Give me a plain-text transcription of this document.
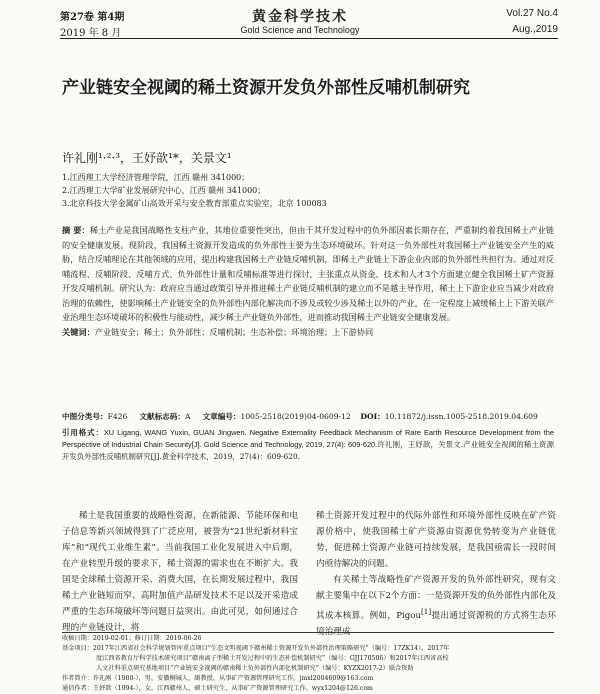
第27卷 第4期
2019 年 8 月
黄金科学技术
Gold Science and Technology
Vol.27 No.4
Aug.,2019
产业链安全视阈的稀土资源开发负外部性反哺机制研究
许礼刚¹·²·³，王妤歆¹*，关景文¹
1.江西理工大学经济管理学院，江西 赣州 341000；
2.江西理工大学矿业发展研究中心，江西 赣州 341000；
3.北京科技大学金属矿山高效开采与安全教育部重点实验室，北京 100083

摘 要：稀土产业是我国战略性支柱产业，其地位重要性突出，但由于其开发过程中的负外部因素长期存在，严重制约着我国稀土产业链的安全健康发展。现阶段，我国稀土资源开发造成的负外部性主要为生态环境破坏。针对这一负外部性对我国稀土产业链安全产生的威胁，结合反哺理论在其他领域的应用，提出构建我国稀土产业链反哺机制，即稀土产业链上下游企业内部的负外部性共担行为。通过对反哺流程、反哺阶段、反哺方式、负外部性计量和反哺标准等进行探讨，主张重点从资金、技术和人才3个方面建立健全我国稀土矿产资源开发反哺机制。研究认为：政府应当通过政策引导并推进稀土产业链反哺机制的建立而不是越主导作用，稀土上下游企业应当减少对政府治理的依赖性，使影响稀土产业链安全的负外部性内部化解决而不涉及或较少涉及稀土以外的产业，在一定程度上减缓稀土上下游关联产业治理生态环境破坏的积极性与能动性，减少稀土产业链负外部性，进而推动我国稀土产业链安全健康发展。

关键词：产业链安全；稀土；负外部性；反哺机制；生态补偿；环境治理；上下游协同

中图分类号：F426 文献标志码：A 文章编号：1005-2518(2019)04-0609-12 DOI：10.11872/j.issn.1005-2518.2019.04.609
引用格式：XU Ligang, WANG Yuxin, GUAN Jingwen. Negative Externality Feedback Mechanism of Rare Earth Resource Development from the Perspective of Industrial Chain Security[J]. Gold Science and Technology, 2019, 27(4): 609-620.许礼刚，王妤歆，关景文.产业链安全视阈的稀土资源开发负外部性反哺机制研究[J].黄金科学技术，2019，27(4)：609-620.
稀土是我国重要的战略性资源，在新能源、节能环保和电子信息等新兴领域得到了广泛应用，被誉为“21世纪新材料宝库”和“现代工业维生素”。当前我国工业化发展进入中后期，在产业转型升级的要求下，稀土资源的需求也在不断扩大。我国是全球稀土资源开采、消费大国，在长期发展过程中，我国稀土产业链短而窄、高附加值产品研发技术不足以及开采造成严重的生态环境破坏等问题日益突出。由此可见，如何通过合理的产业链设计，将

稀土资源开发过程中的代际外部性和环境外部性反映在矿产资源价格中，使我国稀土矿产资源由资源优势转变为产业链优势，促进稀土资源产业链可持续发展，是我国亟需长一段时间内亟待解决的问题。

有关稀土等战略性矿产资源开发的负外部性研究，现有文献主要集中在以下2个方面：一是资源开发的负外部性内部化及其成本核算。例如，Pigou[1]提出通过资源税的方式将生态环境治理成

收稿日期：2019-02-01；修订日期：2019-06-26
基金项目：2017年江西省社会科学规划智库重点项目“生态文明视阈下赣州稀土资源开发负外部性治理策略研究”（编号：17ZK14）、2017年
度江西省教育厅科学技术研究项目“赣南离子型稀土开发过程中的生态补偿机制研究”（编号：GJJ170506）和2017年江西省高校
人文社科重点研究基地项目“产业链安全视阈的赣南稀土负外部性内部化机制研究”（编号：KYZX2017-2）联合资助
作者简介：许礼刚（1980-），男，安徽桐城人，副教授，从事矿产资源管理研究工作。jmxl2004609@163.com
通信作者：王妤歆（1994-），女，江西赣州人，硕士研究生，从事矿产资源管理研究工作。wyx1204@126.com
